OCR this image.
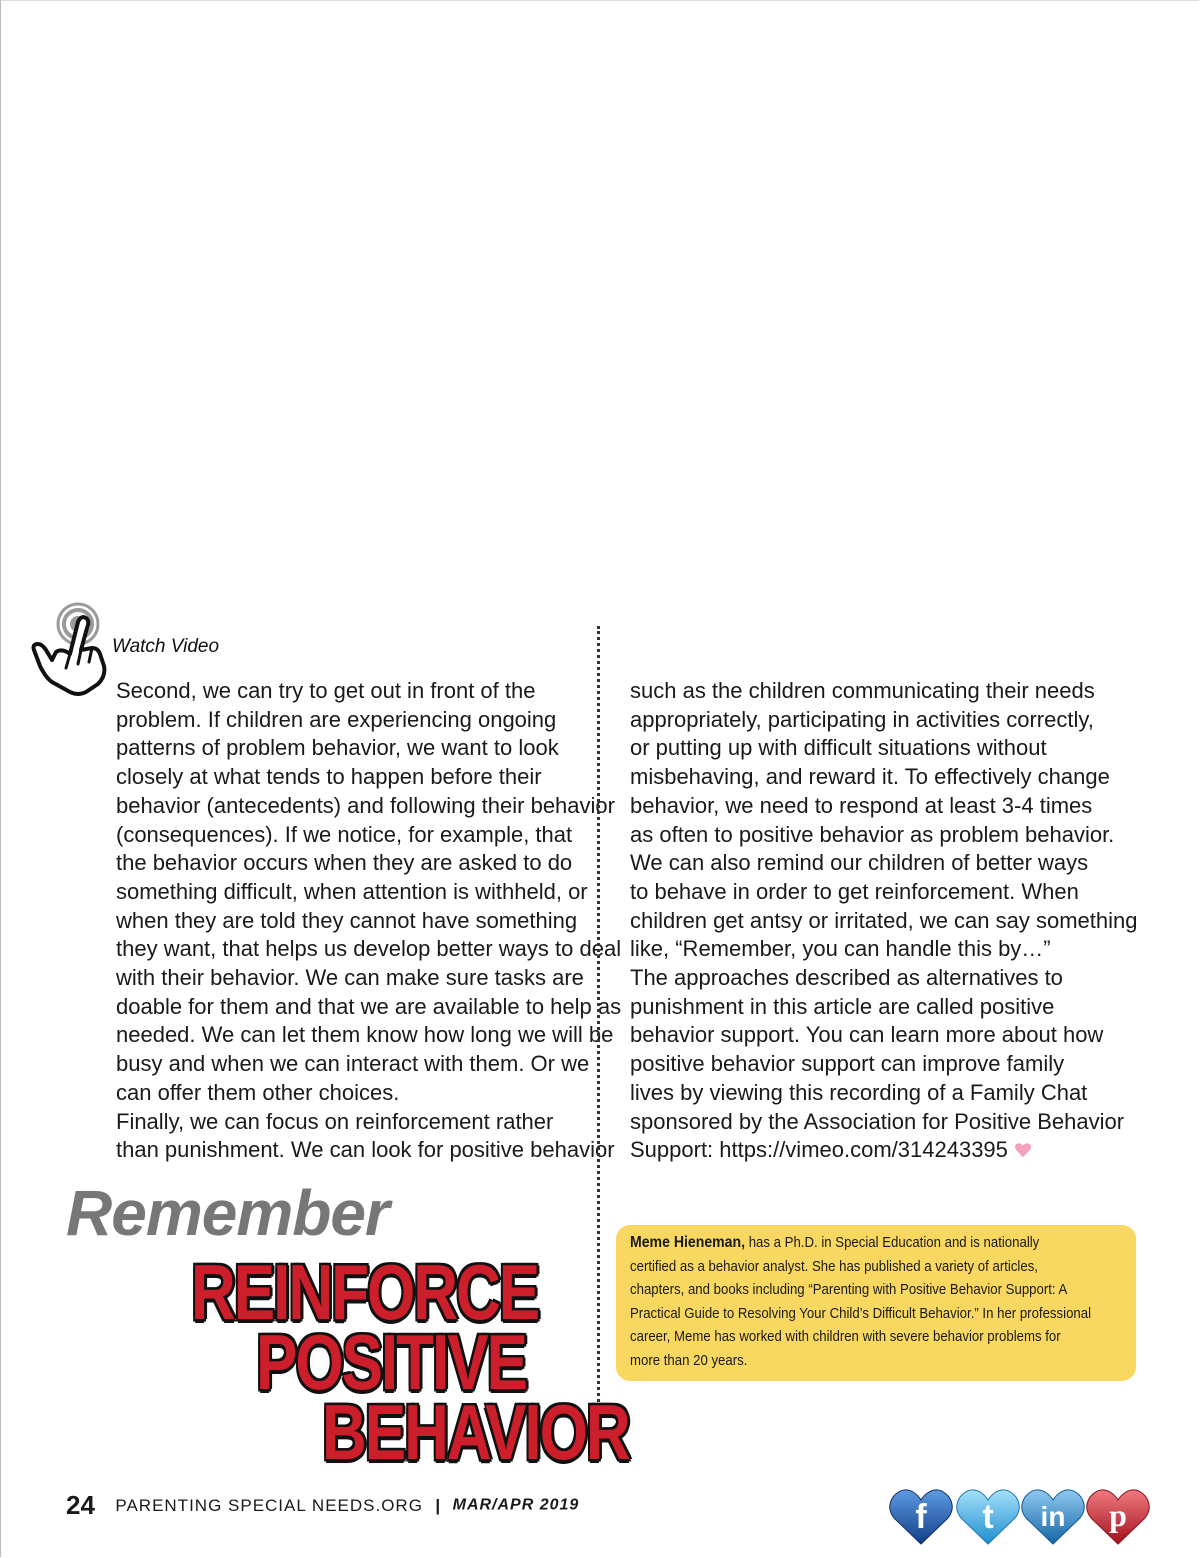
Watch Video

Second, we can try to get out in front of the
problem. If children are experiencing ongoing
patterns of problem behavior, we want to look
closely at what tends to happen before their
behavior (antecedents) and following their behavior
(consequences). If we notice, for example, that
the behavior occurs when they are asked to do
something difficult, when attention is withheld, or
when they are told they cannot have something
they want, that helps us develop better ways to deal
with their behavior. We can make sure tasks are
doable for them and that we are available to help as
needed. We can let them know how long we will be
busy and when we can interact with them. Or we
can offer them other choices.

Finally, we can focus on reinforcement rather
than punishment. We can look for positive behavior

such as the children communicating their needs
appropriately, participating in activities correctly,
or putting up with difficult situations without
misbehaving, and reward it. To effectively change
behavior, we need to respond at least 3-4 times
as often to positive behavior as problem behavior.
We can also remind our children of better ways
to behave in order to get reinforcement. When
children get antsy or irritated, we can say something
like, “Remember, you can handle this by…”
The approaches described as alternatives to
punishment in this article are called positive
behavior support. You can learn more about how
positive behavior support can improve family
lives by viewing this recording of a Family Chat
sponsored by the Association for Positive Behavior
Support: https://vimeo.com/314243395
Remember
REINFORCE
POSITIVE
BEHAVIOR
Meme Hieneman, has a Ph.D. in Special Education and is nationally
certified as a behavior analyst. She has published a variety of articles,
chapters, and books including “Parenting with Positive Behavior Support: A
Practical Guide to Resolving Your Child’s Difficult Behavior.” In her professional
career, Meme has worked with children with severe behavior problems for
more than 20 years.
24 PARENTING SPECIAL NEEDS.ORG | MAR/APR 2019	f t in p
